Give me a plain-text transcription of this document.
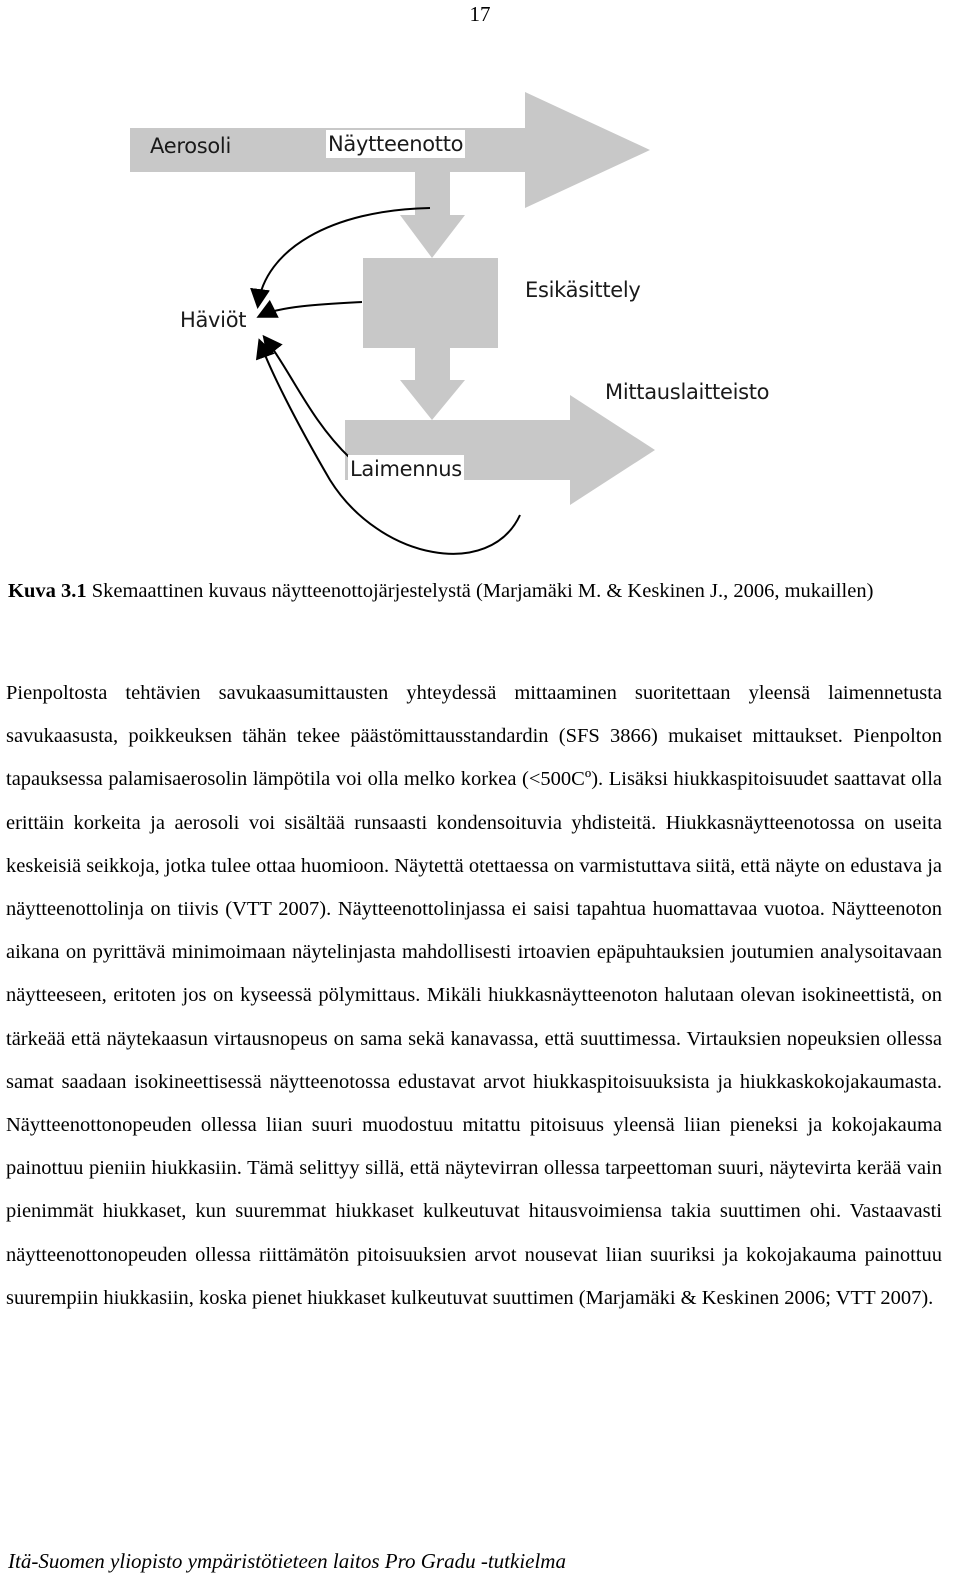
17
Aerosoli	Näytteenotto
Häviöt
Esikäsittely
Mittauslaitteisto
Laimennus
Kuva 3.1 Skemaattinen kuvaus näytteenottojärjestelystä (Marjamäki M. & Keskinen J., 2006, mukaillen)

Pienpoltosta tehtävien savukaasumittausten yhteydessä mittaaminen suoritettaan yleensä laimennetusta savukaasusta, poikkeuksen tähän tekee päästömittausstandardin (SFS 3866) mukaiset mittaukset. Pienpolton tapauksessa palamisaerosolin lämpötila voi olla melko korkea (<500Cº). Lisäksi hiukkaspitoisuudet saattavat olla erittäin korkeita ja aerosoli voi sisältää runsaasti kondensoituvia yhdisteitä. Hiukkasnäytteenotossa on useita keskeisiä seikkoja, jotka tulee ottaa huomioon. Näytettä otettaessa on varmistuttava siitä, että näyte on edustava ja näytteenottolinja on tiivis (VTT 2007). Näytteenottolinjassa ei saisi tapahtua huomattavaa vuotoa. Näytteenoton aikana on pyrittävä minimoimaan näytelinjasta mahdollisesti irtoavien epäpuhtauksien joutumien analysoitavaan näytteeseen, eritoten jos on kyseessä pölymittaus. Mikäli hiukkasnäytteenoton halutaan olevan isokineettistä, on tärkeää että näytekaasun virtausnopeus on sama sekä kanavassa, että suuttimessa. Virtauksien nopeuksien ollessa samat saadaan isokineettisessä näytteenotossa edustavat arvot hiukkaspitoisuuksista ja hiukkaskokojakaumasta. Näytteenottonopeuden ollessa liian suuri muodostuu mitattu pitoisuus yleensä liian pieneksi ja kokojakauma painottuu pieniin hiukkasiin. Tämä selittyy sillä, että näytevirran ollessa tarpeettoman suuri, näytevirta kerää vain pienimmät hiukkaset, kun suuremmat hiukkaset kulkeutuvat hitausvoimiensa takia suuttimen ohi. Vastaavasti näytteenottonopeuden ollessa riittämätön pitoisuuksien arvot nousevat liian suuriksi ja kokojakauma painottuu suurempiin hiukkasiin, koska pienet hiukkaset kulkeutuvat suuttimen (Marjamäki & Keskinen 2006; VTT 2007).

Itä-Suomen yliopisto ympäristötieteen laitos Pro Gradu -tutkielma
